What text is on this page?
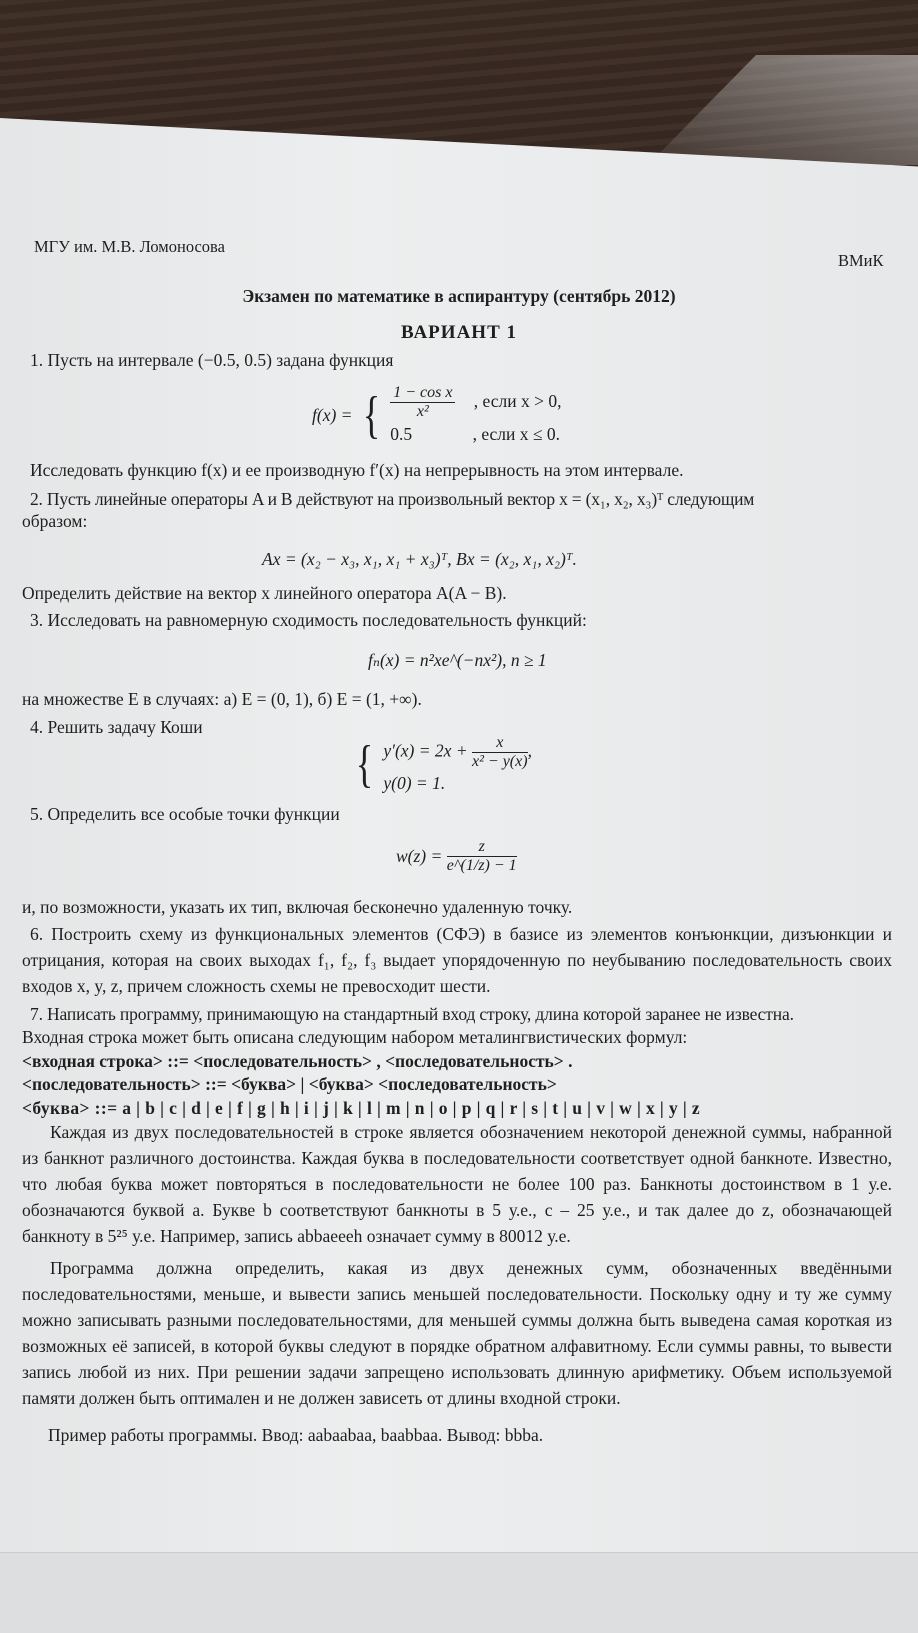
МГУ им. М.В. Ломоносова
ВМиК
Экзамен по математике в аспирантуру (сентябрь 2012)
ВАРИАНТ 1
1. Пусть на интервале (−0.5, 0.5) задана функция
f(x) = { $\frac{\text{1 − cos x}}{\text{x²}}$ , если x > 0,
0.5	, если x ≤ 0.
Исследовать функцию f(x) и ее производную f′(x) на непрерывность на этом интервале.
2. Пусть линейные операторы A и B действуют на произвольный вектор x = (x₁, x₂, x₃)ᵀ следующим
образом:
Ax = (x₂ − x₃, x₁, x₁ + x₃)ᵀ, Bx = (x₂, x₁, x₂)ᵀ.
Определить действие на вектор x линейного оператора A(A − B).
3. Исследовать на равномерную сходимость последовательность функций:
fₙ(x) = n²xe^(−nx²), n ≥ 1
на множестве E в случаях: а) E = (0, 1), б) E = (1, +∞).
4. Решить задачу Коши
{ $y'(x) = 2x + \frac{x}{\text{x² − y(x)}}$ ,
y(0) = 1.
5. Определить все особые точки функции
$w(z) = \frac{z}{e\^{}(1/z) - 1}$
и, по возможности, указать их тип, включая бесконечно удаленную точку.
6. Построить схему из функциональных элементов (СФЭ) в базисе из элементов конъюнкции, дизъюнкции и отрицания, которая на своих выходах f₁, f₂, f₃ выдает упорядоченную по неубыванию последовательность своих входов x, y, z, причем сложность схемы не превосходит шести.
7. Написать программу, принимающую на стандартный вход строку, длина которой заранее не известна.
Входная строка может быть описана следующим набором металингвистических формул:
<входная строка> ::= <последовательность> , <последовательность> .
<последовательность> ::= <буква> | <буква> <последовательность>
<буква> ::= a | b | c | d | e | f | g | h | i | j | k | l | m | n | o | p | q | r | s | t | u | v | w | x | y | z
Каждая из двух последовательностей в строке является обозначением некоторой денежной суммы, набранной из банкнот различного достоинства. Каждая буква в последовательности соответствует одной банкноте. Известно, что любая буква может повторяться в последовательности не более 100 раз. Банкноты достоинством в 1 у.е. обозначаются буквой a. Букве b соответствуют банкноты в 5 у.е., c – 25 у.е., и так далее до z, обозначающей банкноту в 5²⁵ у.е. Например, запись abbaeeeh означает сумму в 80012 у.е.
Программа должна определить, какая из двух денежных сумм, обозначенных введёнными последовательностями, меньше, и вывести запись меньшей последовательности. Поскольку одну и ту же сумму можно записывать разными последовательностями, для меньшей суммы должна быть выведена самая короткая из возможных её записей, в которой буквы следуют в порядке обратном алфавитному. Если суммы равны, то вывести запись любой из них. При решении задачи запрещено использовать длинную арифметику. Объем используемой памяти должен быть оптимален и не должен зависеть от длины входной строки.
Пример работы программы. Ввод: aabaabaa, baabbaa. Вывод: bbba.
